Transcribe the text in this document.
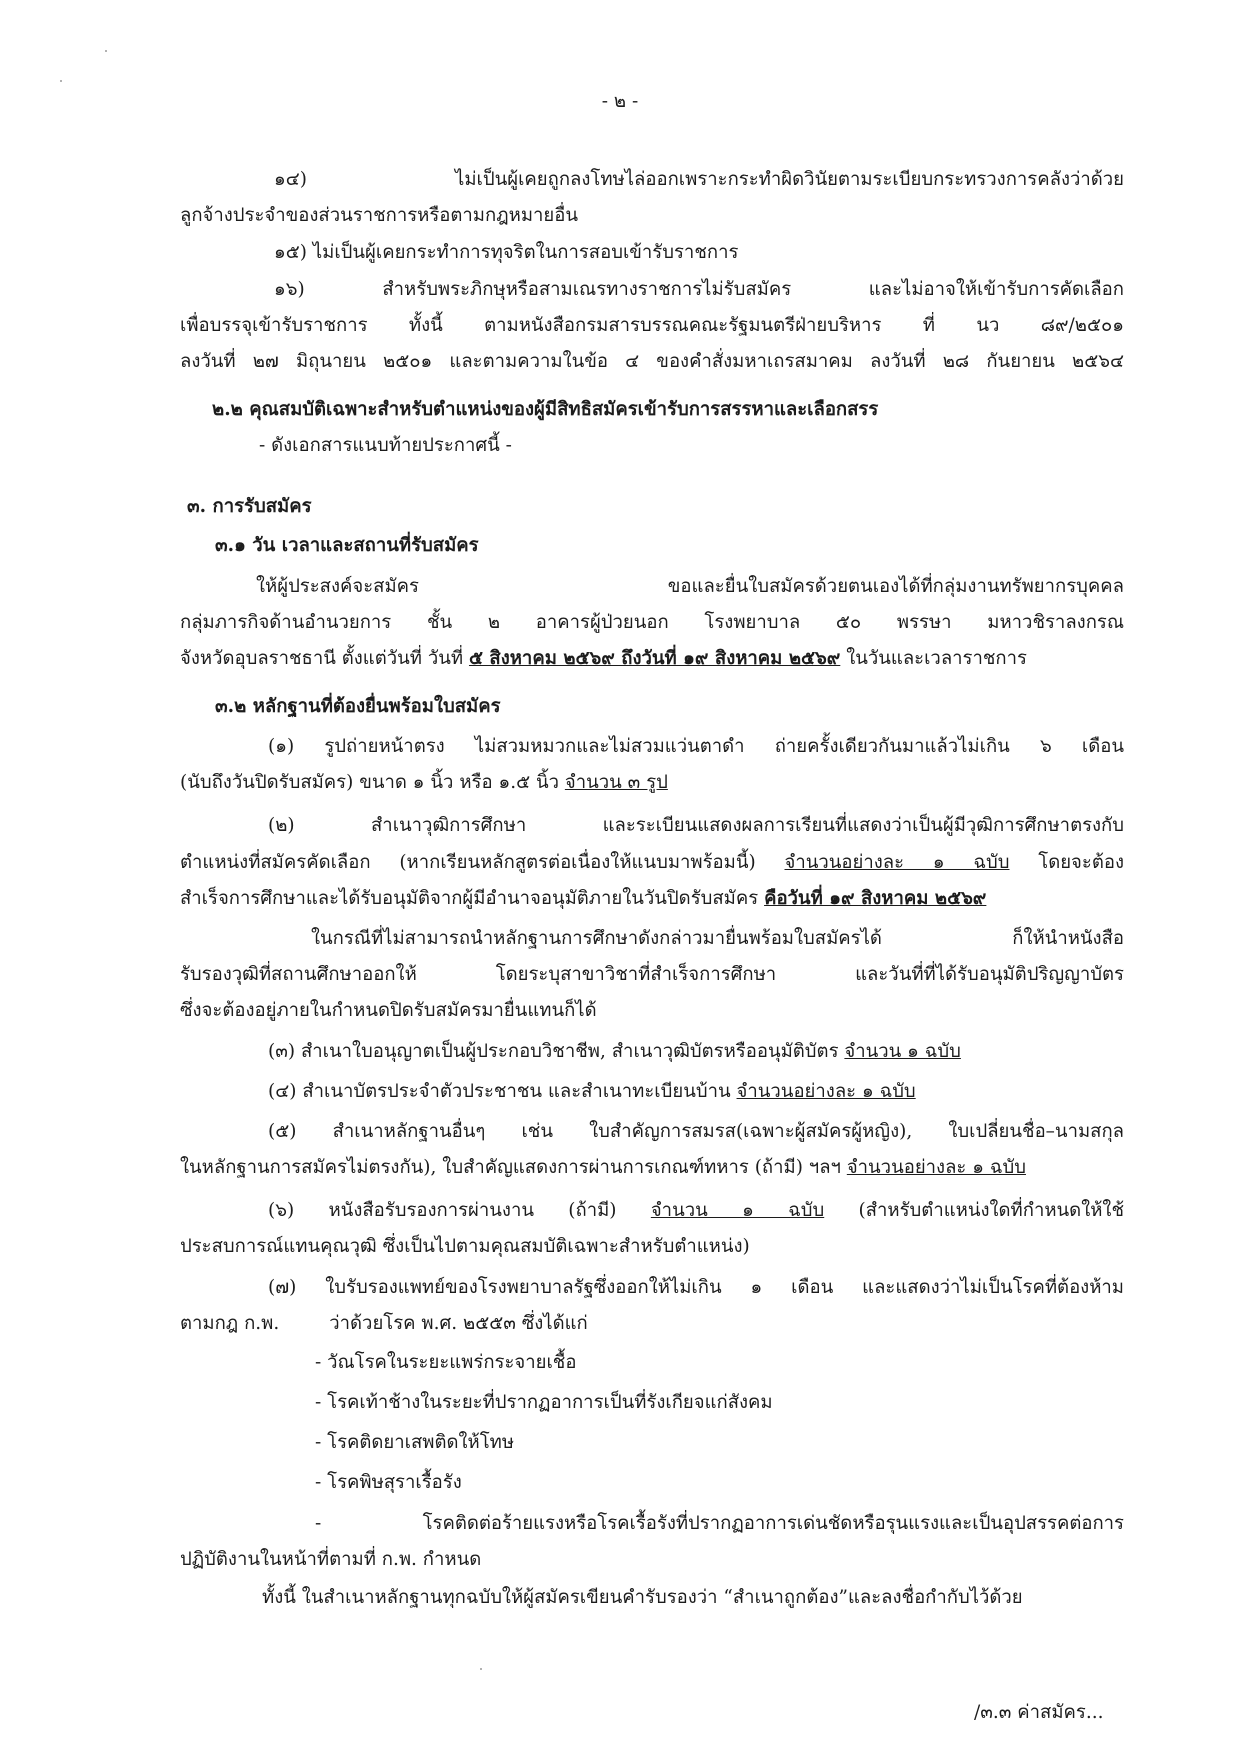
- ๒ -
๑๔) ไม่เป็นผู้เคยถูกลงโทษไล่ออกเพราะกระทำผิดวินัยตามระเบียบกระทรวงการคลังว่าด้วย
ลูกจ้างประจำของส่วนราชการหรือตามกฎหมายอื่น
๑๕) ไม่เป็นผู้เคยกระทำการทุจริตในการสอบเข้ารับราชการ
๑๖) สำหรับพระภิกษุหรือสามเณรทางราชการไม่รับสมัคร และไม่อาจให้เข้ารับการคัดเลือก
เพื่อบรรจุเข้ารับราชการ ทั้งนี้ ตามหนังสือกรมสารบรรณคณะรัฐมนตรีฝ่ายบริหาร ที่ นว ๘๙/๒๕๐๑
ลงวันที่ ๒๗ มิถุนายน ๒๕๐๑ และตามความในข้อ ๔ ของคำสั่งมหาเถรสมาคม ลงวันที่ ๒๘ กันยายน ๒๕๖๔
๒.๒ คุณสมบัติเฉพาะสำหรับตำแหน่งของผู้มีสิทธิสมัครเข้ารับการสรรหาและเลือกสรร
- ดังเอกสารแนบท้ายประกาศนี้ -
๓. การรับสมัคร
๓.๑ วัน เวลาและสถานที่รับสมัคร
ให้ผู้ประสงค์จะสมัคร ขอและยื่นใบสมัครด้วยตนเองได้ที่กลุ่มงานทรัพยากรบุคคล
กลุ่มภารกิจด้านอำนวยการ ชั้น ๒ อาคารผู้ป่วยนอก โรงพยาบาล ๕๐ พรรษา มหาวชิราลงกรณ
จังหวัดอุบลราชธานี ตั้งแต่วันที่ วันที่ ๕ สิงหาคม ๒๕๖๙ ถึงวันที่ ๑๙ สิงหาคม ๒๕๖๙ ในวันและเวลาราชการ
๓.๒ หลักฐานที่ต้องยื่นพร้อมใบสมัคร
(๑) รูปถ่ายหน้าตรง ไม่สวมหมวกและไม่สวมแว่นตาดำ ถ่ายครั้งเดียวกันมาแล้วไม่เกิน ๖ เดือน
(นับถึงวันปิดรับสมัคร) ขนาด ๑ นิ้ว หรือ ๑.๕ นิ้ว จำนวน ๓ รูป
(๒) สำเนาวุฒิการศึกษา และระเบียนแสดงผลการเรียนที่แสดงว่าเป็นผู้มีวุฒิการศึกษาตรงกับ
ตำแหน่งที่สมัครคัดเลือก (หากเรียนหลักสูตรต่อเนื่องให้แนบมาพร้อมนี้) จำนวนอย่างละ ๑ ฉบับ โดยจะต้อง
สำเร็จการศึกษาและได้รับอนุมัติจากผู้มีอำนาจอนุมัติภายในวันปิดรับสมัคร คือวันที่ ๑๙ สิงหาคม ๒๕๖๙
ในกรณีที่ไม่สามารถนำหลักฐานการศึกษาดังกล่าวมายื่นพร้อมใบสมัครได้ ก็ให้นำหนังสือ
รับรองวุฒิที่สถานศึกษาออกให้ โดยระบุสาขาวิชาที่สำเร็จการศึกษา และวันที่ที่ได้รับอนุมัติปริญญาบัตร
ซึ่งจะต้องอยู่ภายในกำหนดปิดรับสมัครมายื่นแทนก็ได้
(๓) สำเนาใบอนุญาตเป็นผู้ประกอบวิชาชีพ, สำเนาวุฒิบัตรหรืออนุมัติบัตร จำนวน ๑ ฉบับ
(๔) สำเนาบัตรประจำตัวประชาชน และสำเนาทะเบียนบ้าน จำนวนอย่างละ ๑ ฉบับ
(๕) สำเนาหลักฐานอื่นๆ เช่น ใบสำคัญการสมรส(เฉพาะผู้สมัครผู้หญิง), ใบเปลี่ยนชื่อ–นามสกุล
ในหลักฐานการสมัครไม่ตรงกัน), ใบสำคัญแสดงการผ่านการเกณฑ์ทหาร (ถ้ามี) ฯลฯ จำนวนอย่างละ ๑ ฉบับ
(๖) หนังสือรับรองการผ่านงาน (ถ้ามี) จำนวน ๑ ฉบับ (สำหรับตำแหน่งใดที่กำหนดให้ใช้
ประสบการณ์แทนคุณวุฒิ ซึ่งเป็นไปตามคุณสมบัติเฉพาะสำหรับตำแหน่ง)
(๗) ใบรับรองแพทย์ของโรงพยาบาลรัฐซึ่งออกให้ไม่เกิน ๑ เดือน และแสดงว่าไม่เป็นโรคที่ต้องห้าม
ตามกฎ ก.พ.	ว่าด้วยโรค พ.ศ. ๒๕๕๓ ซึ่งได้แก่
- วัณโรคในระยะแพร่กระจายเชื้อ
- โรคเท้าช้างในระยะที่ปรากฏอาการเป็นที่รังเกียจแก่สังคม
- โรคติดยาเสพติดให้โทษ
- โรคพิษสุราเรื้อรัง
- โรคติดต่อร้ายแรงหรือโรคเรื้อรังที่ปรากฏอาการเด่นชัดหรือรุนแรงและเป็นอุปสรรคต่อการ
ปฏิบัติงานในหน้าที่ตามที่ ก.พ. กำหนด
ทั้งนี้ ในสำเนาหลักฐานทุกฉบับให้ผู้สมัครเขียนคำรับรองว่า “สำเนาถูกต้อง”และลงชื่อกำกับไว้ด้วย
/๓.๓ ค่าสมัคร...
